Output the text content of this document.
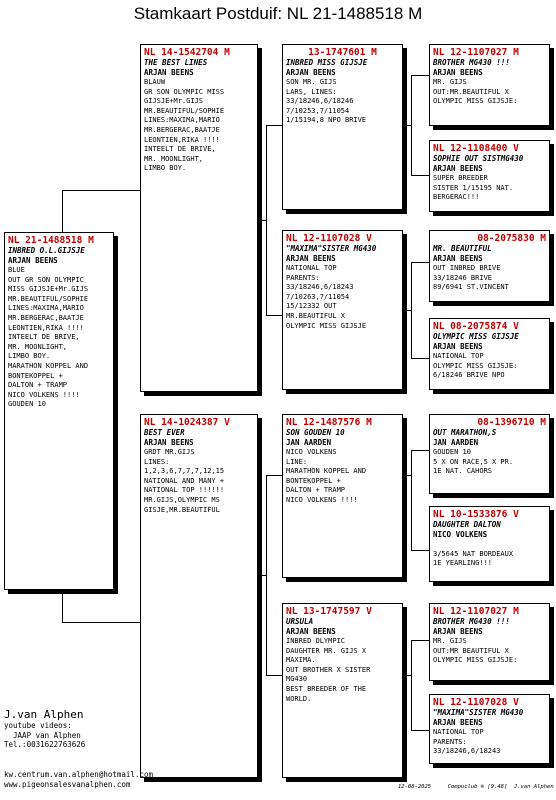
Stamkaart Postduif: NL 21-1488518 M
NL 21-1488518 M
INBRED O.L.GIJSJE
ARJAN BEENS
BLUE
OUT GR SON OLYMPIC
MISS GIJSJE+Mr.GIJS
MR.BEAUTIFUL/SOPHIE
LINES:MAXIMA,MARIO
MR.BERGERAC,BAATJE
LEONTIEN,RIKA !!!!
INTEELT DE BRIVE,
MR. MOONLIGHT,
LIMBO BOY.
MARATHON KOPPEL AND
BONTEKOPPEL +
DALTON + TRAMP
NICO VOLKENS !!!!
GOUDEN 10
NL 14-1542704 M
THE BEST LINES
ARJAN BEENS
BLAUW
GR SON OLYMPIC MISS
GIJSJE+Mr.GIJS
MR.BEAUTIFUL/SOPHIE
LINES:MAXIMA,MARIO
MR.BERGERAC,BAATJE
LEONTIEN,RIKA !!!!
INTEELT DE BRIVE,
MR. MOONLIGHT,
LIMBO BOY.
NL 14-1024387 V
BEST EVER
ARJAN BEENS
GRDT MR.GIJS
LINES:
1,2,3,6,7,7,7,12,15
NATIONAL AND MANY +
NATIONAL TOP !!!!!!
MR.GIJS,OLYMPIC MS
GISJE,MR.BEAUTIFUL
13-1747601 M
INBRED MISS GIJSJE
ARJAN BEENS
SON MR. GIJS
LARS, LINES:
33/18246,6/18246
7/10253,7/11054
1/15194,8 NPO BRIVE
NL 12-1107028 V
"MAXIMA"SISTER MG430
ARJAN BEENS
NATIONAL TOP
PARENTS:
33/18246,6/18243
7/10263,7/11054
15/12332 OUT
MR.BEAUTIFUL X
OLYMPIC MISS GIJSJE
NL 12-1487576 M
SON GOUDEN 10
JAN AARDEN
NICO VOLKENS
LINE:
MARATHON KOPPEL AND
BONTEKOPPEL +
DALTON + TRAMP
NICO VOLKENS !!!!
NL 13-1747597 V
URSULA
ARJAN BEENS
INBRED OLYMPIC
DAUGHTER MR. GIJS X
MAXIMA.
OUT BROTHER X SISTER
MG430
BEST BREEDER OF THE
WORLD.
NL 12-1107027 M
BROTHER MG430 !!!
ARJAN BEENS
MR. GIJS
OUT:MR.BEAUTIFUL X
OLYMPIC MISS GIJSJE:
NL 12-1108400 V
SOPHIE OUT SISTMG430
ARJAN BEENS
SUPER BREEDER
SISTER 1/15195 NAT.
BERGERAC!!!
08-2075830 M
MR. BEAUTIFUL
ARJAN BEENS
OUT INBRED BRIVE
33/18246 BRIVE
89/6941 ST.VINCENT
NL 08-2075874 V
OLYMPIC MISS GIJSJE
ARJAN BEENS
NATIONAL TOP
OLYMPIC MISS GIJSJE:
6/18246 BRIVE NPO
08-1396710 M
OUT MARATHON,S
JAN AARDEN
GOUDEN 10
5 X ON RACE,5 X PR.
1E NAT. CAHORS
NL 10-1533876 V
DAUGHTER DALTON
NICO VOLKENS

3/5645 NAT BORDEAUX
1E YEARLING!!!
NL 12-1107027 M
BROTHER MG430 !!!
ARJAN BEENS
MR. GIJS
OUT:MR BEAUTIFUL X
OLYMPIC MISS GIJSJE:
NL 12-1107028 V
"MAXIMA"SISTER MG430
ARJAN BEENS
NATIONAL TOP
PARENTS:
33/18246,6/18243
J.van Alphen
youtube videos:
JAAP van Alphen
Tel.:0031622763626
kw.centrum.van.alphen@hotmail.com
www.pigeonsalesvanalphen.com	12-08-2025     Compuclub ® [9.48]  J.van Alphen
